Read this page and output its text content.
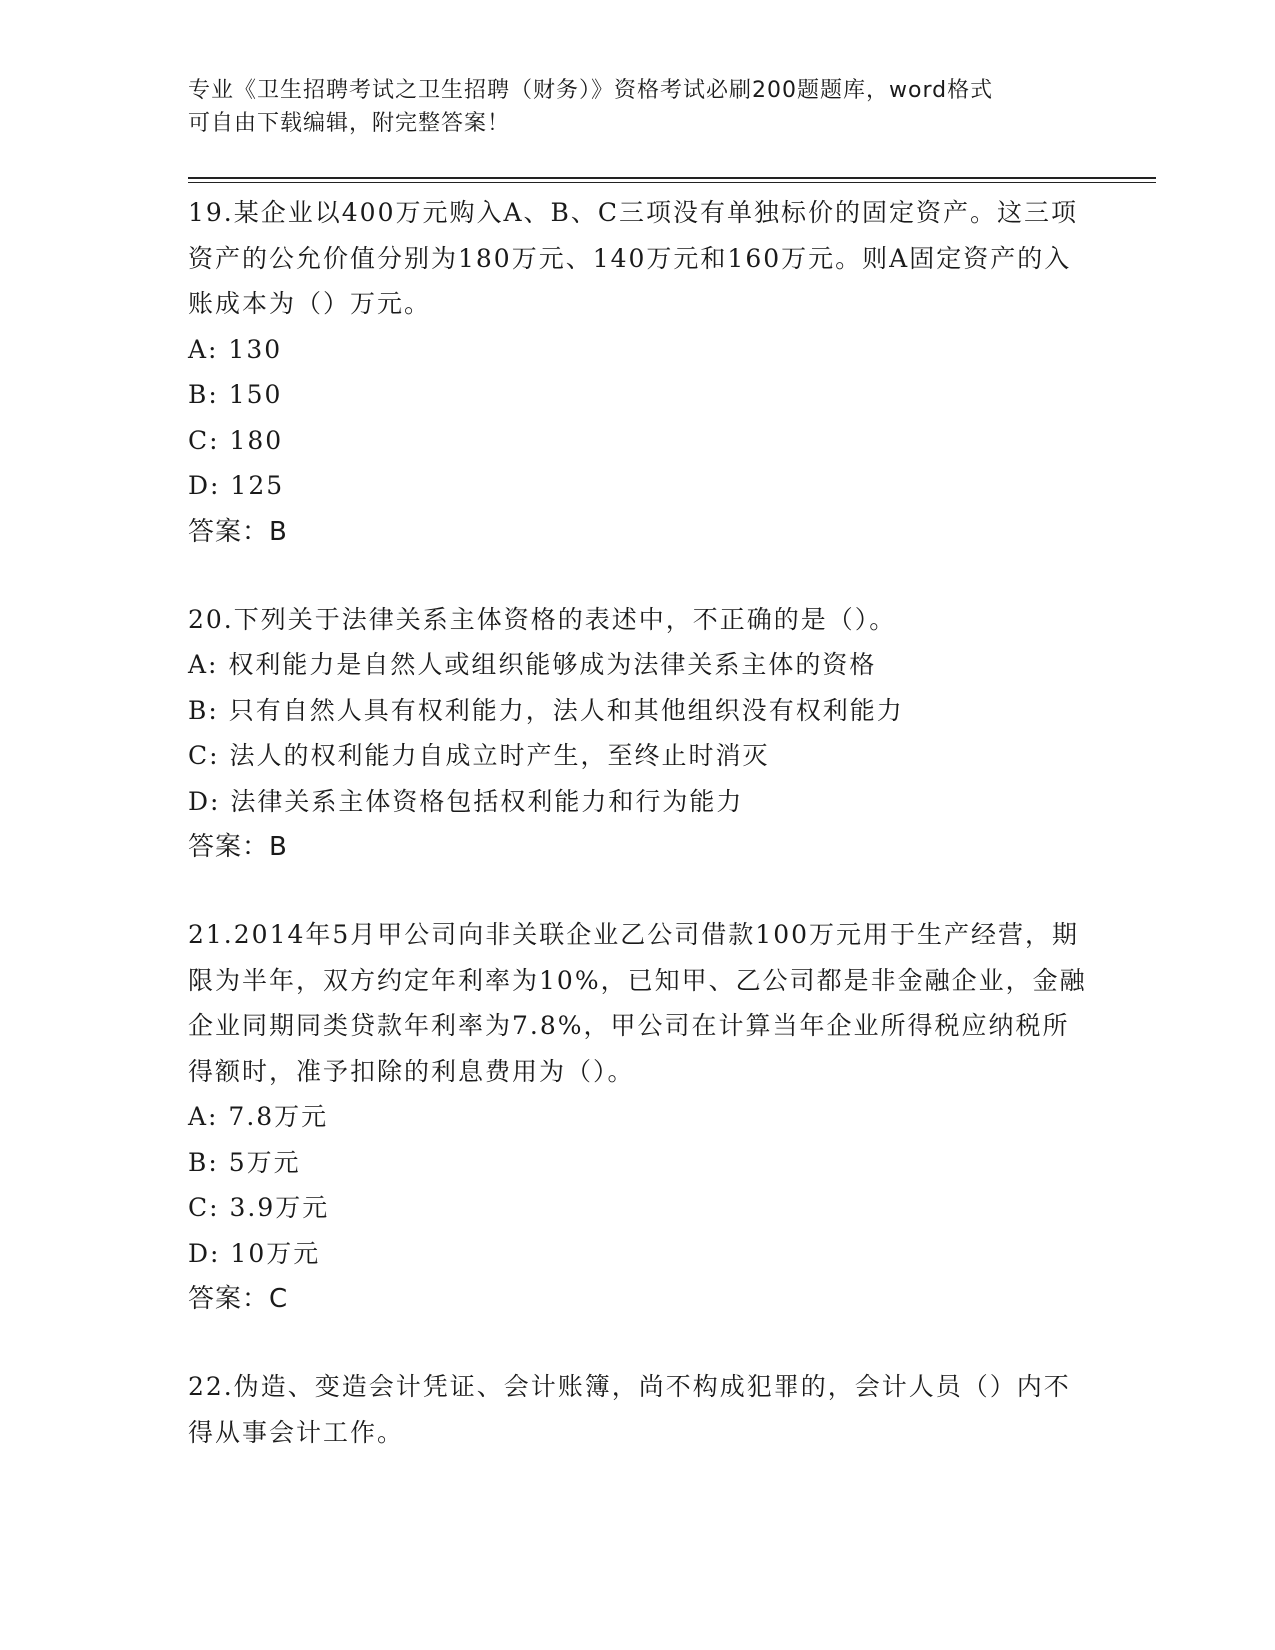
专业《卫生招聘考试之卫生招聘（财务）》资格考试必刷200题题库，word格式
可自由下载编辑，附完整答案！
19.某企业以400万元购入A、B、C三项没有单独标价的固定资产。这三项资产的公允价值分别为180万元、140万元和160万元。则A固定资产的入账成本为（）万元。
A: 130
B: 150
C: 180
D: 125
答案：B
20.下列关于法律关系主体资格的表述中，不正确的是（）。
A: 权利能力是自然人或组织能够成为法律关系主体的资格
B: 只有自然人具有权利能力，法人和其他组织没有权利能力
C: 法人的权利能力自成立时产生，至终止时消灭
D: 法律关系主体资格包括权利能力和行为能力
答案：B
21.2014年5月甲公司向非关联企业乙公司借款100万元用于生产经营，期限为半年，双方约定年利率为10%，已知甲、乙公司都是非金融企业，金融企业同期同类贷款年利率为7.8%，甲公司在计算当年企业所得税应纳税所得额时，准予扣除的利息费用为（）。
A: 7.8万元
B: 5万元
C: 3.9万元
D: 10万元
答案：C
22.伪造、变造会计凭证、会计账簿，尚不构成犯罪的，会计人员（）内不得从事会计工作。
